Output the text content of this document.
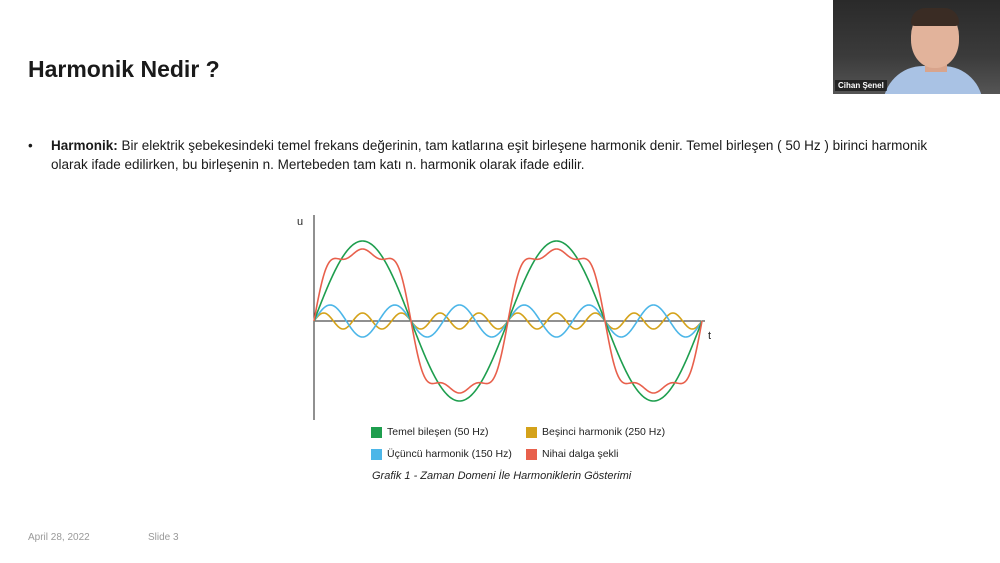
Harmonik Nedir ?
• Harmonik: Bir elektrik şebekesindeki temel frekans değerinin, tam katlarına eşit birleşene harmonik denir. Temel birleşen ( 50 Hz ) birinci harmonik olarak ifade edilirken, bu birleşenin n. Mertebeden tam katı n. harmonik olarak ifade edilir.
u
t
Temel bileşen (50 Hz)	Beşinci harmonik (250 Hz)
Üçüncü harmonik (150 Hz)	Nihai dalga şekli
Grafik 1 - Zaman Domeni İle Harmoniklerin Gösterimi
April 28, 2022	Slide 3
Cihan Şenel
